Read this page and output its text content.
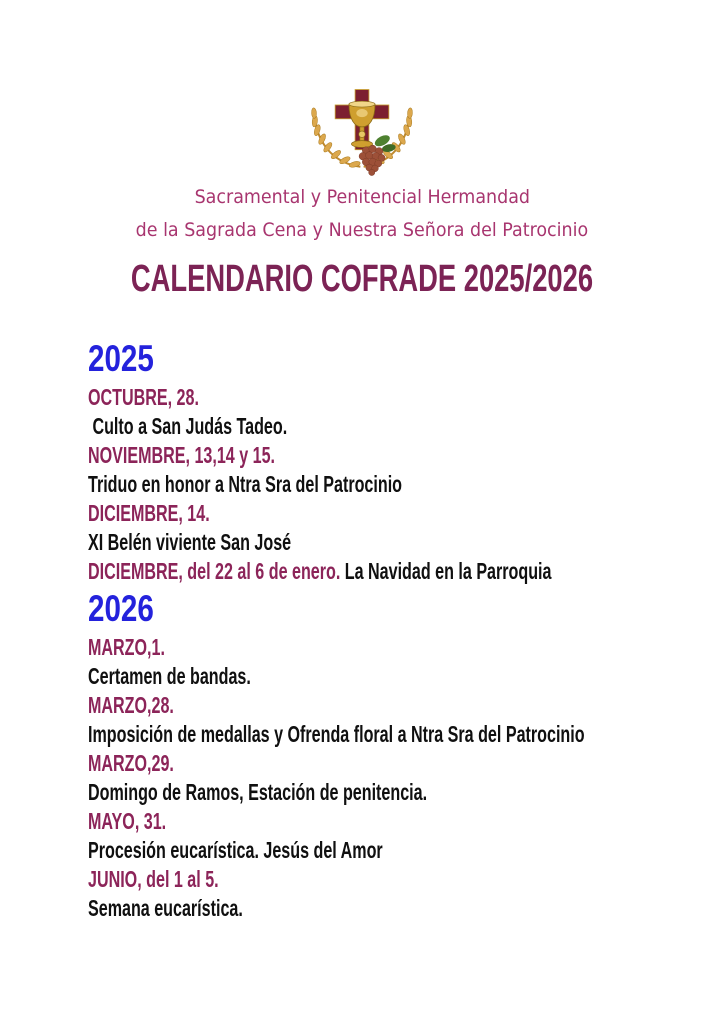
Sacramental y Penitencial Hermandad
de la Sagrada Cena y Nuestra Señora del Patrocinio
CALENDARIO COFRADE 2025/2026
2025
OCTUBRE, 28.
Culto a San Judás Tadeo.
NOVIEMBRE, 13,14 y 15.
Triduo en honor a Ntra Sra del Patrocinio
DICIEMBRE, 14.
XI Belén viviente San José
DICIEMBRE, del 22 al 6 de enero. La Navidad en la Parroquia
2026
MARZO,1.
Certamen de bandas.
MARZO,28.
Imposición de medallas y Ofrenda floral a Ntra Sra del Patrocinio
MARZO,29.
Domingo de Ramos, Estación de penitencia.
MAYO, 31.
Procesión eucarística. Jesús del Amor
JUNIO, del 1 al 5.
Semana eucarística.
